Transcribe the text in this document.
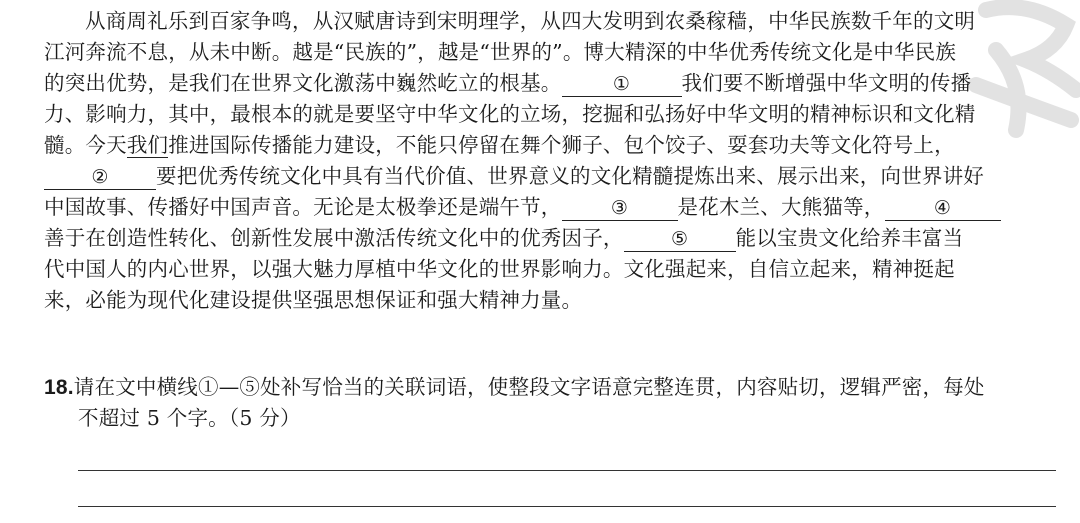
从商周礼乐到百家争鸣，从汉赋唐诗到宋明理学，从四大发明到农桑稼穑，中华民族数千年的文明
江河奔流不息，从未中断。越是“民族的”，越是“世界的”。博大精深的中华优秀传统文化是中华民族
的突出优势，是我们在世界文化激荡中巍然屹立的根基。	①	我们要不断增强中华文明的传播
力、影响力，其中，最根本的就是要坚守中华文化的立场，挖掘和弘扬好中华文明的精神标识和文化精
髓。今天我们推进国际传播能力建设，不能只停留在舞个狮子、包个饺子、耍套功夫等文化符号上，
② 要把优秀传统文化中具有当代价值、世界意义的文化精髓提炼出来、展示出来，向世界讲好
中国故事、传播好中国声音。无论是太极拳还是端午节，	③ 是花木兰、大熊猫等，	④
善于在创造性转化、创新性发展中激活传统文化中的优秀因子， ⑤ 能以宝贵文化给养丰富当
代中国人的内心世界，以强大魅力厚植中华文化的世界影响力。文化强起来，自信立起来，精神挺起
来，必能为现代化建设提供坚强思想保证和强大精神力量。
18.请在文中横线①—⑤处补写恰当的关联词语，使整段文字语意完整连贯，内容贴切，逻辑严密，每处
不超过 5 个字。（5 分）
